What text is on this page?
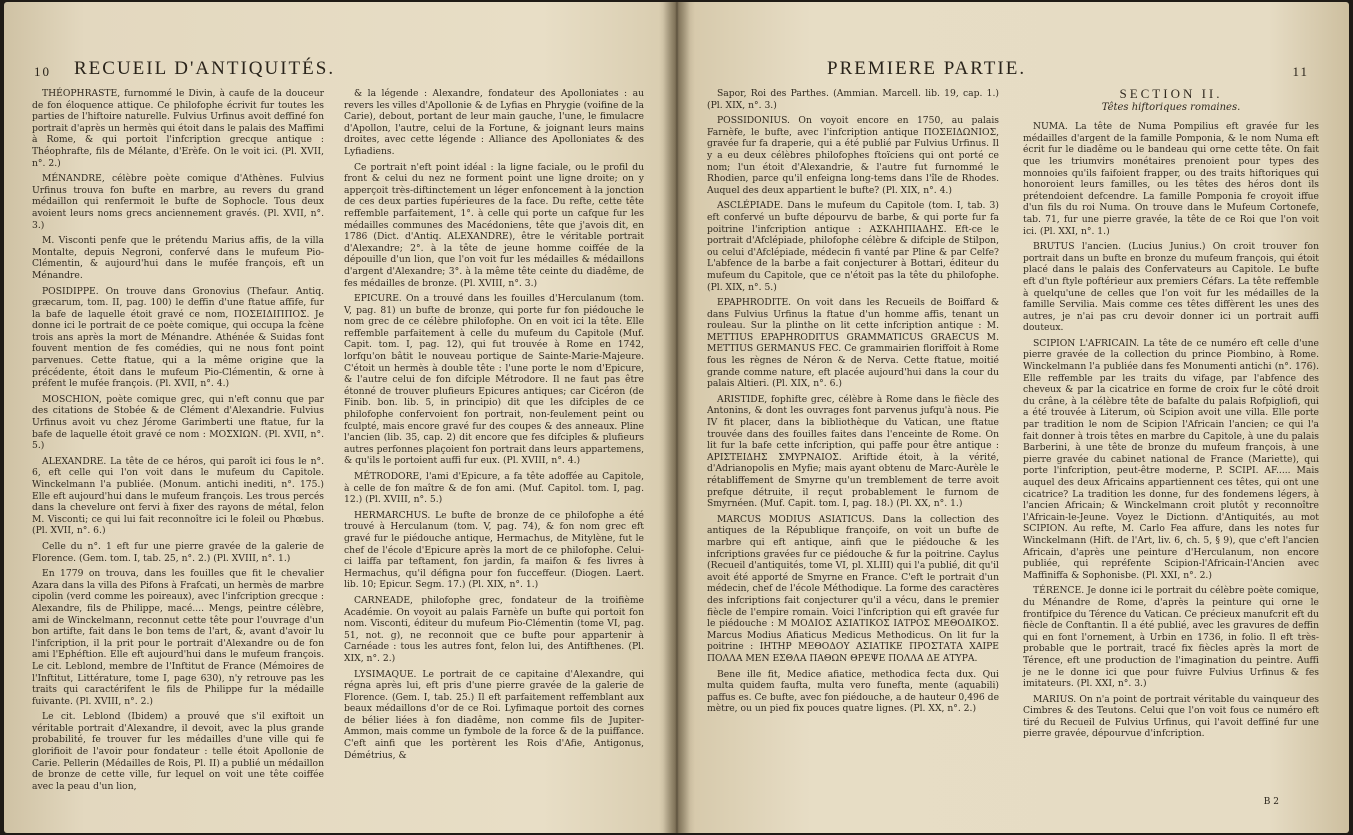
10 RECUEIL D'ANTIQUITÉS.

THÉOPHRASTE, furnommé le Divin, à caufe de la douceur de fon éloquence attique. Ce philofophe écrivit fur toutes les parties de l'hiftoire naturelle. Fulvius Urfinus avoit deffiné fon portrait d'après un hermès qui étoit dans le palais des Maffimi à Rome, & qui portoit l'infcription grecque antique : Théophrafte, fils de Mélante, d'Erèfe. On le voit ici. (Pl. XVII, n°. 2.)

MÉNANDRE, célèbre poète comique d'Athènes. Fulvius Urfinus trouva fon bufte en marbre, au revers du grand médaillon qui renfermoit le bufte de Sophocle. Tous deux avoient leurs noms grecs anciennement gravés. (Pl. XVII, n°. 3.)

M. Visconti penfe que le prétendu Marius affis, de la villa Montalte, depuis Negroni, confervé dans le mufeum Pio-Clémentin, & aujourd'hui dans le mufée françois, eft un Ménandre.

POSIDIPPE. On trouve dans Gronovius (Thefaur. Antiq. græcarum, tom. II, pag. 100) le deffin d'une ftatue affife, fur la bafe de laquelle étoit gravé ce nom, ΠΟΣΕΙΔΙΠΠΟΣ. Je donne ici le portrait de ce poète comique, qui occupa la fcène trois ans après la mort de Ménandre. Athénée & Suidas font fouvent mention de fes comédies, qui ne nous font point parvenues. Cette ftatue, qui a la même origine que la précédente, étoit dans le mufeum Pio-Clémentin, & orne à préfent le mufée françois. (Pl. XVII, n°. 4.)

MOSCHION, poète comique grec, qui n'eft connu que par des citations de Stobée & de Clément d'Alexandrie. Fulvius Urfinus avoit vu chez Jérome Garimberti une ftatue, fur la bafe de laquelle étoit gravé ce nom : ΜΟΣΧΙΩΝ. (Pl. XVII, n°. 5.)

ALEXANDRE. La tête de ce héros, qui paroît ici fous le n°. 6, eft celle qui l'on voit dans le mufeum du Capitole. Winckelmann l'a publiée. (Monum. antichi inediti, n°. 175.) Elle eft aujourd'hui dans le mufeum françois. Les trous percés dans la chevelure ont fervi à fixer des rayons de métal, felon M. Visconti; ce qui lui fait reconnoître ici le foleil ou Phœbus. (Pl. XVII, n°. 6.)

Celle du n°. 1 eft fur une pierre gravée de la galerie de Florence. (Gem. tom. I, tab. 25, n°. 2.) (Pl. XVIII, n°. 1.)

En 1779 on trouva, dans les fouilles que fit le chevalier Azara dans la villa des Pifons à Frafcati, un hermès de marbre cipolin (verd comme les poireaux), avec l'infcription grecque : Alexandre, fils de Philippe, macé.... Mengs, peintre célèbre, ami de Winckelmann, reconnut cette tête pour l'ouvrage d'un bon artifte, fait dans le bon tems de l'art, &, avant d'avoir lu l'infcription, il la prit pour le portrait d'Alexandre ou de fon ami l'Ephéftion. Elle eft aujourd'hui dans le mufeum françois. Le cit. Leblond, membre de l'Inftitut de France (Mémoires de l'Inftitut, Littérature, tome I, page 630), n'y retrouve pas les traits qui caractérifent le fils de Philippe fur la médaille fuivante. (Pl. XVIII, n°. 2.)

Le cit. Leblond (Ibidem) a prouvé que s'il exiftoit un véritable portrait d'Alexandre, il devoit, avec la plus grande probabilité, fe trouver fur les médailles d'une ville qui fe glorifioit de l'avoir pour fondateur : telle étoit Apollonie de Carie. Pellerin (Médailles de Rois, Pl. II) a publié un médaillon de bronze de cette ville, fur lequel on voit une tête coiffée avec la peau d'un lion,

& la légende : Alexandre, fondateur des Apolloniates : au revers les villes d'Apollonie & de Lyfias en Phrygie (voifine de la Carie), debout, portant de leur main gauche, l'une, le fimulacre d'Apollon, l'autre, celui de la Fortune, & joignant leurs mains droites, avec cette légende : Alliance des Apolloniates & des Lyfiadiens.

Ce portrait n'eft point idéal : la ligne faciale, ou le profil du front & celui du nez ne forment point une ligne droite; on y apperçoit très-diftinctement un léger enfoncement à la jonction de ces deux parties fupérieures de la face. Du refte, cette tête reffemble parfaitement, 1°. à celle qui porte un cafque fur les médailles communes des Macédoniens, tête que j'avois dit, en 1786 (Dict. d'Antiq. ALEXANDRE), être le véritable portrait d'Alexandre; 2°. à la tête de jeune homme coiffée de la dépouille d'un lion, que l'on voit fur les médailles & médaillons d'argent d'Alexandre; 3°. à la même tête ceinte du diadême, de fes médailles de bronze. (Pl. XVIII, n°. 3.)

EPICURE. On a trouvé dans les fouilles d'Herculanum (tom. V, pag. 81) un bufte de bronze, qui porte fur fon piédouche le nom grec de ce célèbre philofophe. On en voit ici la tête. Elle reffemble parfaitement à celle du mufeum du Capitole (Muf. Capit. tom. I, pag. 12), qui fut trouvée à Rome en 1742, lorfqu'on bâtit le nouveau portique de Sainte-Marie-Majeure. C'étoit un hermès à double tête : l'une porte le nom d'Epicure, & l'autre celui de fon difciple Métrodore. Il ne faut pas être étonné de trouver plufieurs Epicures antiques; car Cicéron (de Finib. bon. lib. 5, in principio) dit que les difciples de ce philofophe confervoient fon portrait, non-feulement peint ou fculpté, mais encore gravé fur des coupes & des anneaux. Pline l'ancien (lib. 35, cap. 2) dit encore que fes difciples & plufieurs autres perfonnes plaçoient fon portrait dans leurs appartemens, & qu'ils le portoient auffi fur eux. (Pl. XVIII, n°. 4.)

MÉTRODORE, l'ami d'Epicure, a fa tête adoffée au Capitole, à celle de fon maître & de fon ami. (Muf. Capitol. tom. I, pag. 12.) (Pl. XVIII, n°. 5.)

HERMARCHUS. Le bufte de bronze de ce philofophe a été trouvé à Herculanum (tom. V, pag. 74), & fon nom grec eft gravé fur le piédouche antique, Hermachus, de Mitylène, fut le chef de l'école d'Epicure après la mort de ce philofophe. Celui-ci laiffa par teftament, fon jardin, fa maifon & fes livres à Hermachus, qu'il défigna pour fon fucceffeur. (Diogen. Laert. lib. 10; Epicur. Segm. 17.) (Pl. XIX, n°. 1.)

CARNEADE, philofophe grec, fondateur de la troifième Académie. On voyoit au palais Farnèfe un bufte qui portoit fon nom. Visconti, éditeur du mufeum Pio-Clémentin (tome VI, pag. 51, not. g), ne reconnoit que ce bufte pour appartenir à Carnéade : tous les autres font, felon lui, des Antifthenes. (Pl. XIX, n°. 2.)

LYSIMAQUE. Le portrait de ce capitaine d'Alexandre, qui régna après lui, eft pris d'une pierre gravée de la galerie de Florence. (Gem. I, tab. 25.) Il eft parfaitement reffemblant aux beaux médaillons d'or de ce Roi. Lyfimaque portoit des cornes de bélier liées à fon diadême, non comme fils de Jupiter-Ammon, mais comme un fymbole de la force & de la puiffance. C'eft ainfi que les portèrent les Rois d'Afie, Antigonus, Démétrius, &

PREMIERE PARTIE.	11

Sapor, Roi des Parthes. (Ammian. Marcell. lib. 19, cap. 1.) (Pl. XIX, n°. 3.)

POSSIDONIUS. On voyoit encore en 1750, au palais Farnèfe, le bufte, avec l'infcription antique ΠΟΣΕΙΔΩΝΙΟΣ, gravée fur fa draperie, qui a été publié par Fulvius Urfinus. Il y a eu deux célèbres philofophes ftoïciens qui ont porté ce nom; l'un étoit d'Alexandrie, & l'autre fut furnommé le Rhodien, parce qu'il enfeigna long-tems dans l'île de Rhodes. Auquel des deux appartient le bufte? (Pl. XIX, n°. 4.)

ASCLÉPIADE. Dans le mufeum du Capitole (tom. I, tab. 3) eft confervé un bufte dépourvu de barbe, & qui porte fur fa poitrine l'infcription antique : ΑΣΚΛΗΠΙΑΔΗΣ. Eft-ce le portrait d'Afclépiade, philofophe célèbre & difciple de Stilpon, ou celui d'Afclépiade, médecin fi vanté par Pline & par Celfe? L'abfence de la barbe a fait conjecturer à Bottari, éditeur du mufeum du Capitole, que ce n'étoit pas la tête du philofophe. (Pl. XIX, n°. 5.)

EPAPHRODITE. On voit dans les Recueils de Boiffard & dans Fulvius Urfinus la ftatue d'un homme affis, tenant un rouleau. Sur la plinthe on lit cette infcription antique : M. METTIUS EPAPHRODITUS GRAMMATICUS GRAECUS M. METTIUS GERMANUS FEC. Ce grammairien floriffoit à Rome fous les règnes de Néron & de Nerva. Cette ftatue, moitié grande comme nature, eft placée aujourd'hui dans la cour du palais Altieri. (Pl. XIX, n°. 6.)

ARISTIDE, fophifte grec, célèbre à Rome dans le fiècle des Antonins, & dont les ouvrages font parvenus jufqu'à nous. Pie IV fit placer, dans la bibliothèque du Vatican, une ftatue trouvée dans des fouilles faites dans l'enceinte de Rome. On lit fur la bafe cette infcription, qui paffe pour être antique : ΑΡΙΣΤΕΙΔΗΣ ΣΜΥΡΝΑΙΟΣ. Ariftide étoit, à la vérité, d'Adrianopolis en Myfie; mais ayant obtenu de Marc-Aurèle le rétabliffement de Smyrne qu'un tremblement de terre avoit prefque détruite, il reçut probablement le furnom de Smyrnéen. (Muf. Capit. tom. I, pag. 18.) (Pl. XX, n°. 1.)

MARCUS MODIUS ASIATICUS. Dans la collection des antiques de la République françoife, on voit un bufte de marbre qui eft antique, ainfi que le piédouche & les infcriptions gravées fur ce piédouche & fur la poitrine. Caylus (Recueil d'antiquités, tome VI, pl. XLIII) qui l'a publié, dit qu'il avoit été apporté de Smyrne en France. C'eft le portrait d'un médecin, chef de l'école Méthodique. La forme des caractères des infcriptions fait conjecturer qu'il a vécu, dans le premier fiècle de l'empire romain. Voici l'infcription qui eft gravée fur le piédouche : Μ ΜΟΔΙΟΣ ΑΣΙΑΤΙΚΟΣ ΙΑΤΡΟΣ ΜΕΘΟΔΙΚΟΣ. Marcus Modius Afiaticus Medicus Methodicus. On lit fur la poitrine : ΙΗΤΗΡ ΜΕΘΟΔΟΥ ΑΣΙΑΤΙΚΕ ΠΡΟΣΤΑΤΑ ΧΑΙΡΕ ΠΟΛΛΑ ΜΕΝ ΕΣΘΛΑ ΠΑΘΩΝ ΘΡΕΨΕ ΠΟΛΛΑ ΔΕ ΑΤΥΡΑ.

Bene ille fit, Medice afiatice, methodica fecta dux. Qui multa quidem faufta, multa vero funefta, mente (aquabili) paffus es. Ce bufte, avec fon piédouche, a de hauteur 0,496 de mètre, ou un pied fix pouces quatre lignes. (Pl. XX, n°. 2.)

SECTION II.
Têtes hiftoriques romaines.

NUMA. La tête de Numa Pompilius eft gravée fur les médailles d'argent de la famille Pomponia, & le nom Numa eft écrit fur le diadême ou le bandeau qui orne cette tête. On fait que les triumvirs monétaires prenoient pour types des monnoies qu'ils faifoient frapper, ou des traits hiftoriques qui honoroient leurs familles, ou les têtes des héros dont ils prétendoient defcendre. La famille Pomponia fe croyoit iffue d'un fils du roi Numa. On trouve dans le Mufeum Cortonefe, tab. 71, fur une pierre gravée, la tête de ce Roi que l'on voit ici. (Pl. XXI, n°. 1.)

BRUTUS l'ancien. (Lucius Junius.) On croit trouver fon portrait dans un bufte en bronze du mufeum françois, qui étoit placé dans le palais des Confervateurs au Capitole. Le bufte eft d'un ftyle poftérieur aux premiers Céfars. La tête reffemble à quelqu'une de celles que l'on voit fur les médailles de la famille Servilia. Mais comme ces têtes diffèrent les unes des autres, je n'ai pas cru devoir donner ici un portrait auffi douteux.

SCIPION L'AFRICAIN. La tête de ce numéro eft celle d'une pierre gravée de la collection du prince Piombino, à Rome. Winckelmann l'a publiée dans fes Monumenti antichi (n°. 176). Elle reffemble par les traits du vifage, par l'abfence des cheveux & par la cicatrice en forme de croix fur le côté droit du crâne, à la célèbre tête de bafalte du palais Rofpigliofi, qui a été trouvée à Literum, où Scipion avoit une villa. Elle porte par tradition le nom de Scipion l'Africain l'ancien; ce qui l'a fait donner à trois têtes en marbre du Capitole, à une du palais Barberini, à une tête de bronze du mufeum françois, à une pierre gravée du cabinet national de France (Mariette), qui porte l'infcription, peut-être moderne, P. SCIPI. AF..... Mais auquel des deux Africains appartiennent ces têtes, qui ont une cicatrice? La tradition les donne, fur des fondemens légers, à l'ancien Africain; & Winckelmann croit plutôt y reconnoître l'Africain-le-Jeune. Voyez le Dictionn. d'Antiquités, au mot SCIPION. Au refte, M. Carlo Fea affure, dans les notes fur Winckelmann (Hift. de l'Art, liv. 6, ch. 5, § 9), que c'eft l'ancien Africain, d'après une peinture d'Herculanum, non encore publiée, qui repréfente Scipion-l'Africain-l'Ancien avec Maffiniffa & Sophonisbe. (Pl. XXI, n°. 2.)

TÉRENCE. Je donne ici le portrait du célèbre poète comique, du Ménandre de Rome, d'après la peinture qui orne le frontifpice du Térence du Vatican. Ce précieux manufcrit eft du fiècle de Conftantin. Il a été publié, avec les gravures de deffin qui en font l'ornement, à Urbin en 1736, in folio. Il eft très-probable que le portrait, tracé fix fiècles après la mort de Térence, eft une production de l'imagination du peintre. Auffi je ne le donne ici que pour fuivre Fulvius Urfinus & fes imitateurs. (Pl. XXI, n°. 3.)

MARIUS. On n'a point de portrait véritable du vainqueur des Cimbres & des Teutons. Celui que l'on voit fous ce numéro eft tiré du Recueil de Fulvius Urfinus, qui l'avoit deffiné fur une pierre gravée, dépourvue d'infcription.

B 2
